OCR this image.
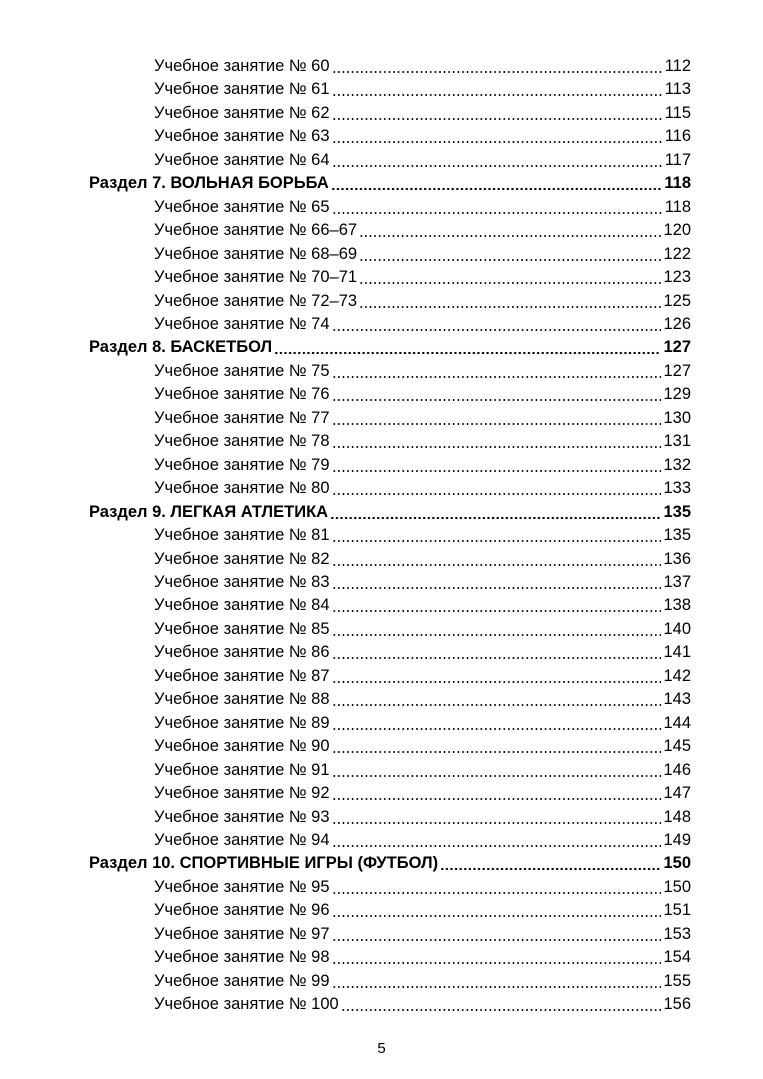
Учебное занятие № 60	112
Учебное занятие № 61	113
Учебное занятие № 62	115
Учебное занятие № 63	116
Учебное занятие № 64	117
Раздел 7. ВОЛЬНАЯ БОРЬБА	118
Учебное занятие № 65	118
Учебное занятие № 66–67	120
Учебное занятие № 68–69	122
Учебное занятие № 70–71	123
Учебное занятие № 72–73	125
Учебное занятие № 74	126
Раздел 8. БАСКЕТБОЛ	127
Учебное занятие № 75	127
Учебное занятие № 76	129
Учебное занятие № 77	130
Учебное занятие № 78	131
Учебное занятие № 79	132
Учебное занятие № 80	133
Раздел 9. ЛЕГКАЯ АТЛЕТИКА	135
Учебное занятие № 81	135
Учебное занятие № 82	136
Учебное занятие № 83	137
Учебное занятие № 84	138
Учебное занятие № 85	140
Учебное занятие № 86	141
Учебное занятие № 87	142
Учебное занятие № 88	143
Учебное занятие № 89	144
Учебное занятие № 90	145
Учебное занятие № 91	146
Учебное занятие № 92	147
Учебное занятие № 93	148
Учебное занятие № 94	149
Раздел 10. СПОРТИВНЫЕ ИГРЫ (ФУТБОЛ)	150
Учебное занятие № 95	150
Учебное занятие № 96	151
Учебное занятие № 97	153
Учебное занятие № 98	154
Учебное занятие № 99	155
Учебное занятие № 100	156
5
